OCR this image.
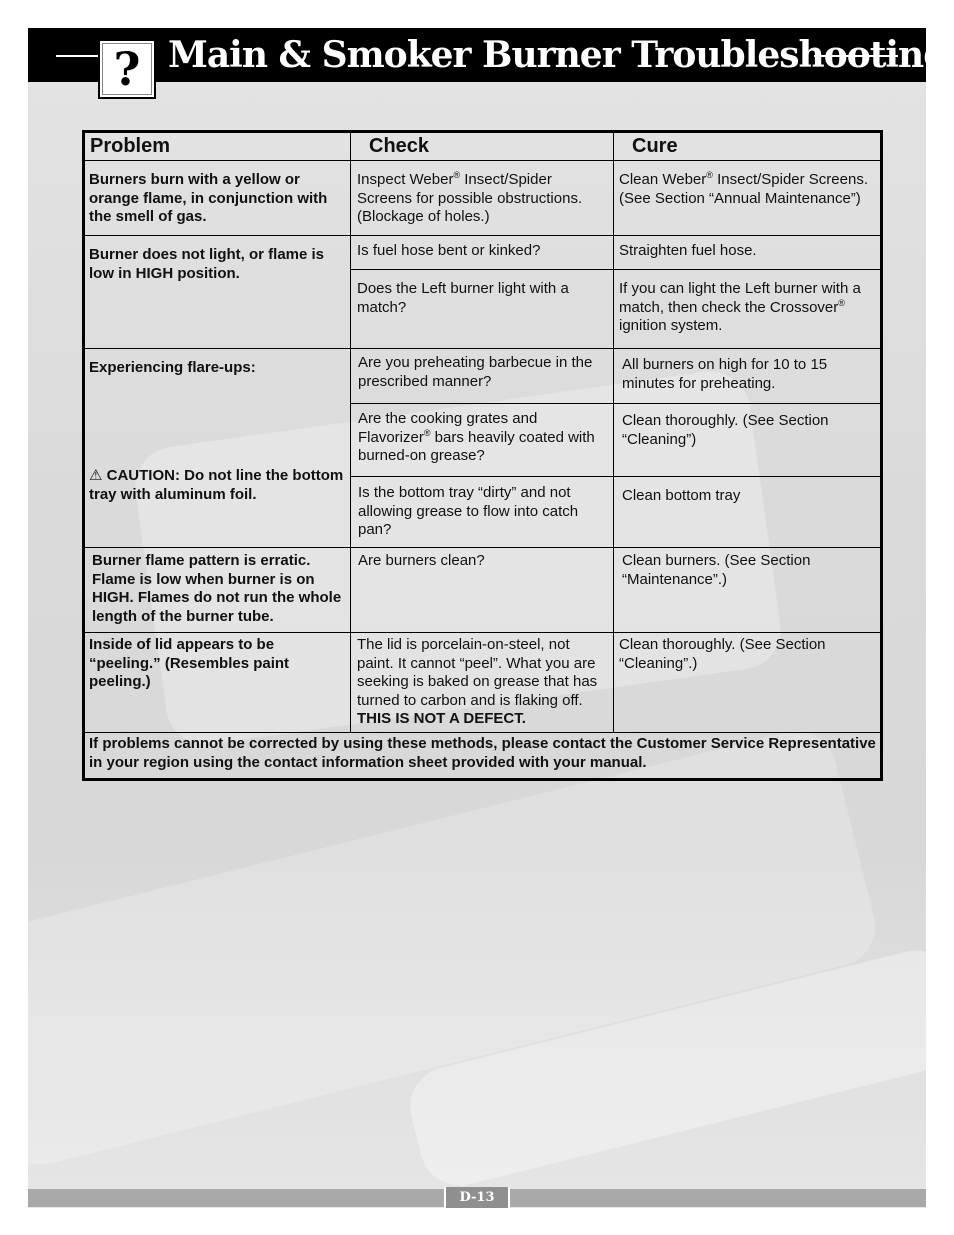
? Main & Smoker Burner Troubleshooting
Problem	Check	Cure
Burners burn with a yellow or orange flame, in conjunction with the smell of gas.	Inspect Weber® Insect/Spider Screens for possible obstructions. (Blockage of holes.)	Clean Weber® Insect/Spider Screens. (See Section “Annual Maintenance”)
Burner does not light, or flame is low in HIGH position.	Is fuel hose bent or kinked?	Straighten fuel hose.
	Does the Left burner light with a match?	If you can light the Left burner with a match, then check the Crossover® ignition system.
Experiencing flare-ups:
⚠ CAUTION: Do not line the bottom tray with aluminum foil.	Are you preheating barbecue in the prescribed manner?	All burners on high for 10 to 15 minutes for preheating.
	Are the cooking grates and Flavorizer® bars heavily coated with burned-on grease?	Clean thoroughly. (See Section “Cleaning”)
	Is the bottom tray “dirty” and not allowing grease to flow into catch pan?	Clean bottom tray
Burner flame pattern is erratic. Flame is low when burner is on HIGH. Flames do not run the whole length of the burner tube.	Are burners clean?	Clean burners. (See Section “Maintenance”.)
Inside of lid appears to be “peeling.” (Resembles paint peeling.)	The lid is porcelain-on-steel, not paint. It cannot “peel”. What you are seeking is baked on grease that has turned to carbon and is flaking off. THIS IS NOT A DEFECT.	Clean thoroughly. (See Section “Cleaning”.)
If problems cannot be corrected by using these methods, please contact the Customer Service Representative in your region using the contact information sheet provided with your manual.		
D-13
